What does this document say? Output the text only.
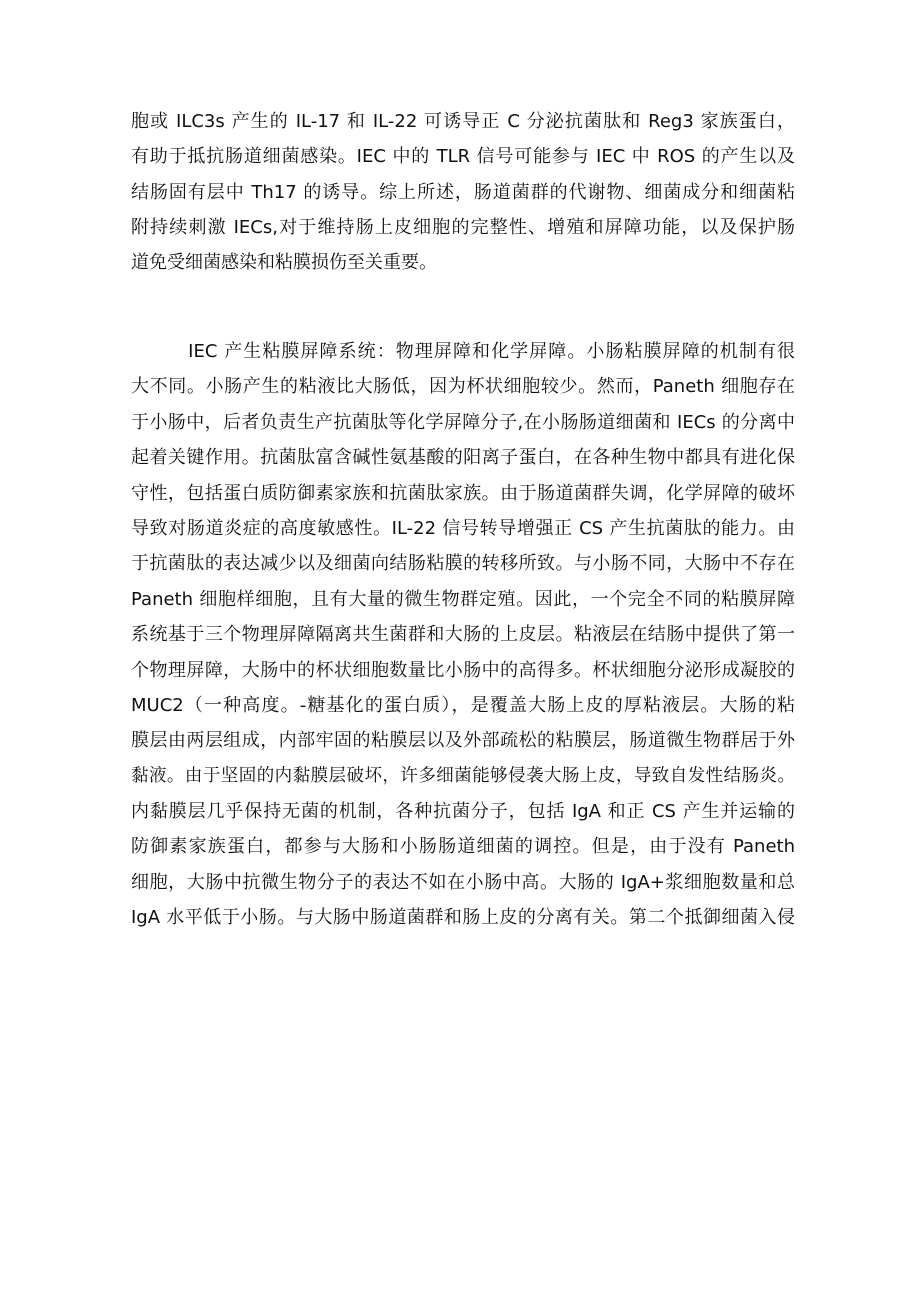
胞或 ILC3s 产生的 IL-17 和 IL-22 可诱导正 C 分泌抗菌肽和 Reg3 家族蛋白，
有助于抵抗肠道细菌感染。IEC 中的 TLR 信号可能参与 IEC 中 ROS 的产生以及
结肠固有层中 Th17 的诱导。综上所述，肠道菌群的代谢物、细菌成分和细菌粘
附持续刺激 IECs,对于维持肠上皮细胞的完整性、增殖和屏障功能，以及保护肠
道免受细菌感染和粘膜损伤至关重要。
　　　IEC 产生粘膜屏障系统：物理屏障和化学屏障。小肠粘膜屏障的机制有很
大不同。小肠产生的粘液比大肠低，因为杯状细胞较少。然而，Paneth 细胞存在
于小肠中，后者负责生产抗菌肽等化学屏障分子,在小肠肠道细菌和 IECs 的分离中
起着关键作用。抗菌肽富含碱性氨基酸的阳离子蛋白，在各种生物中都具有进化保
守性，包括蛋白质防御素家族和抗菌肽家族。由于肠道菌群失调，化学屏障的破坏
导致对肠道炎症的高度敏感性。IL-22 信号转导增强正 CS 产生抗菌肽的能力。由
于抗菌肽的表达减少以及细菌向结肠粘膜的转移所致。与小肠不同，大肠中不存在
Paneth 细胞样细胞，且有大量的微生物群定殖。因此，一个完全不同的粘膜屏障
系统基于三个物理屏障隔离共生菌群和大肠的上皮层。粘液层在结肠中提供了第一
个物理屏障，大肠中的杯状细胞数量比小肠中的高得多。杯状细胞分泌形成凝胶的
MUC2（一种高度。-糖基化的蛋白质），是覆盖大肠上皮的厚粘液层。大肠的粘
膜层由两层组成，内部牢固的粘膜层以及外部疏松的粘膜层，肠道微生物群居于外
黏液。由于坚固的内黏膜层破坏，许多细菌能够侵袭大肠上皮，导致自发性结肠炎。
内黏膜层几乎保持无菌的机制，各种抗菌分子，包括 IgA 和正 CS 产生并运输的
防御素家族蛋白，都参与大肠和小肠肠道细菌的调控。但是，由于没有 Paneth
细胞，大肠中抗微生物分子的表达不如在小肠中高。大肠的 IgA+浆细胞数量和总
IgA 水平低于小肠。与大肠中肠道菌群和肠上皮的分离有关。第二个抵御细菌入侵
